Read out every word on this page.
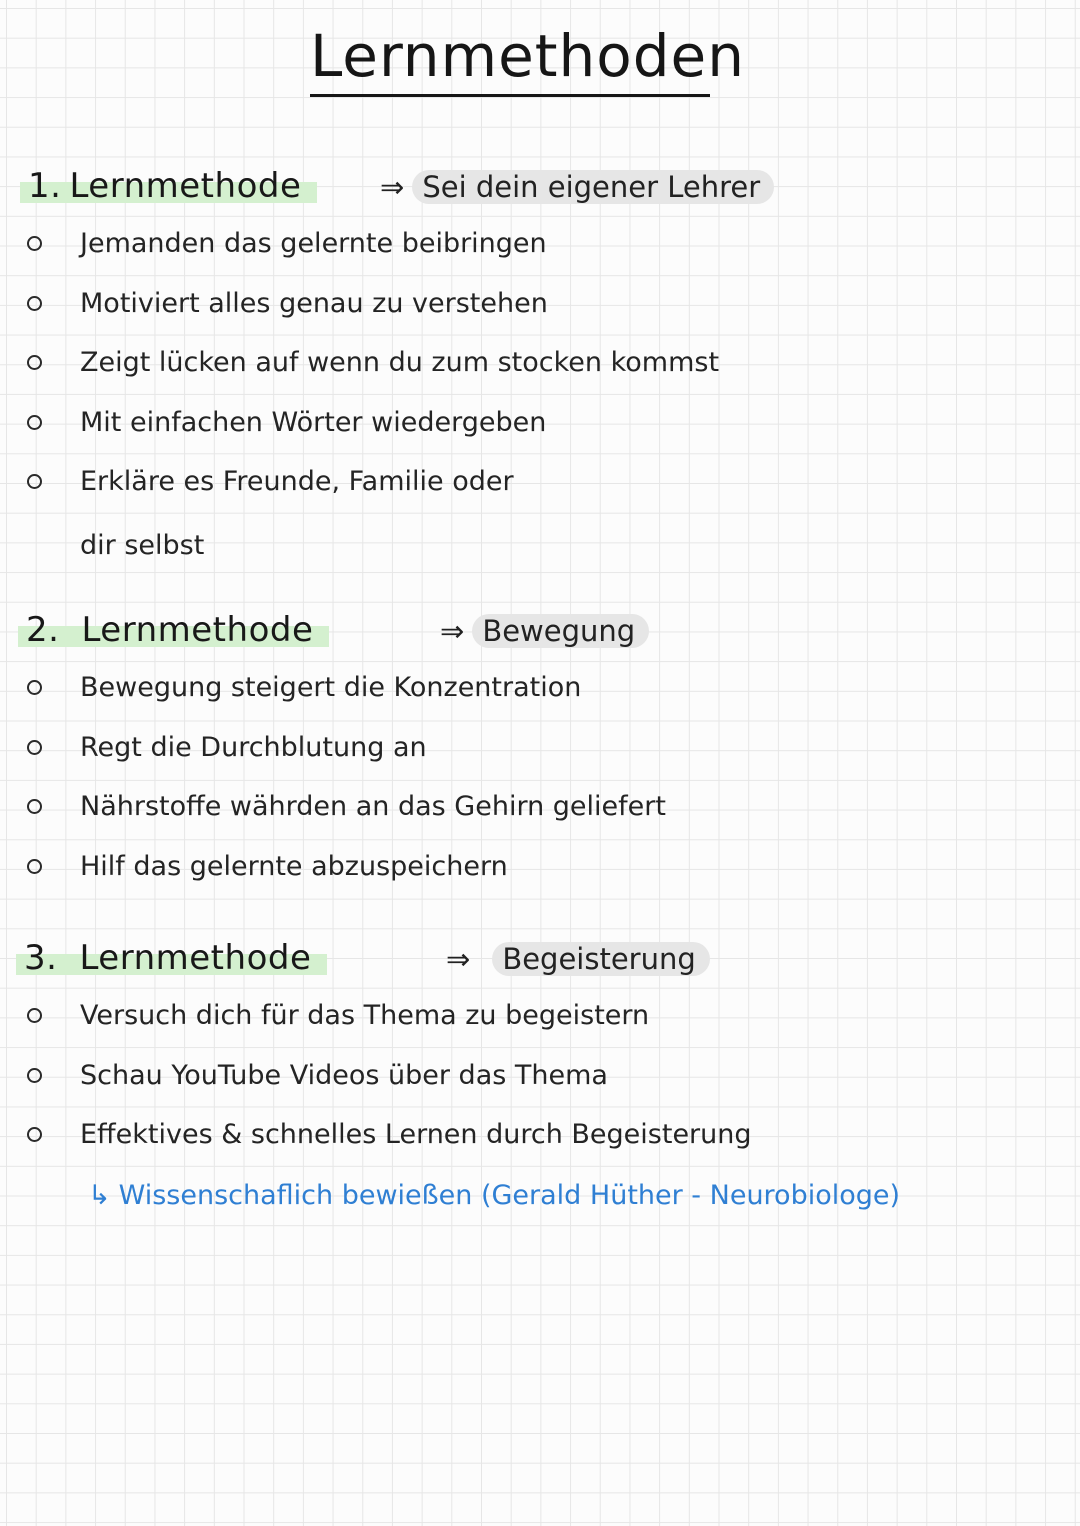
Lernmethoden
1. Lernmethode	⇒ Sei dein eigener Lehrer
Jemanden das gelernte beibringen
Motiviert alles genau zu verstehen
Zeigt lücken auf wenn du zum stocken kommst
Mit einfachen Wörter wiedergeben
Erkläre es Freunde, Familie oder
dir selbst
2. Lernmethode	⇒ Bewegung
Bewegung steigert die Konzentration
Regt die Durchblutung an
Nährstoffe währden an das Gehirn geliefert
Hilf das gelernte abzuspeichern
3. Lernmethode	⇒ Begeisterung
Versuch dich für das Thema zu begeistern
Schau YouTube Videos über das Thema
Effektives & schnelles Lernen durch Begeisterung
↳ Wissenschaflich bewießen (Gerald Hüther - Neurobiologe)
